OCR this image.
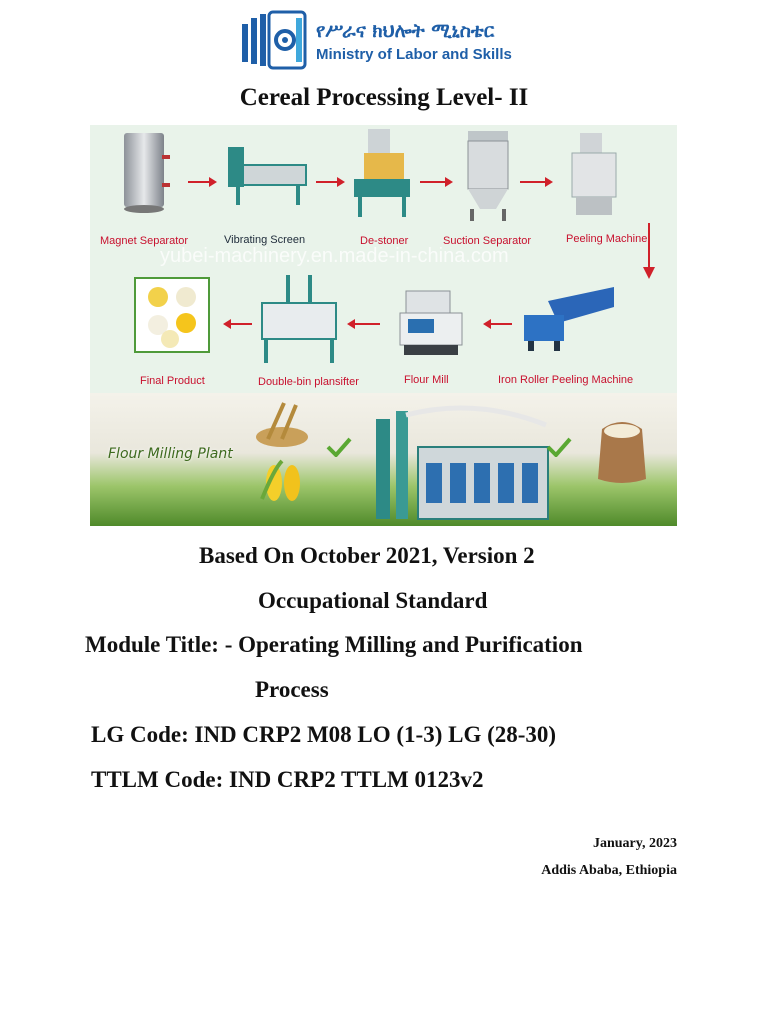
የሥራና ክህሎት ሚኒስቴር
Ministry of Labor and Skills
Cereal Processing Level- II
yubei-machinery.en.made-in-china.com
Magnet Separator	Vibrating Screen	De-stoner	Suction Separator	Peeling Machine
Final Product	Double-bin plansifter	Flour Mill	Iron Roller Peeling Machine
Flour Milling Plant
Based On October 2021, Version 2
Occupational Standard
Module Title: - Operating Milling and Purification
Process
LG Code: IND CRP2 M08 LO (1-3) LG (28-30)
TTLM Code: IND CRP2 TTLM 0123v2
January, 2023
Addis Ababa, Ethiopia
